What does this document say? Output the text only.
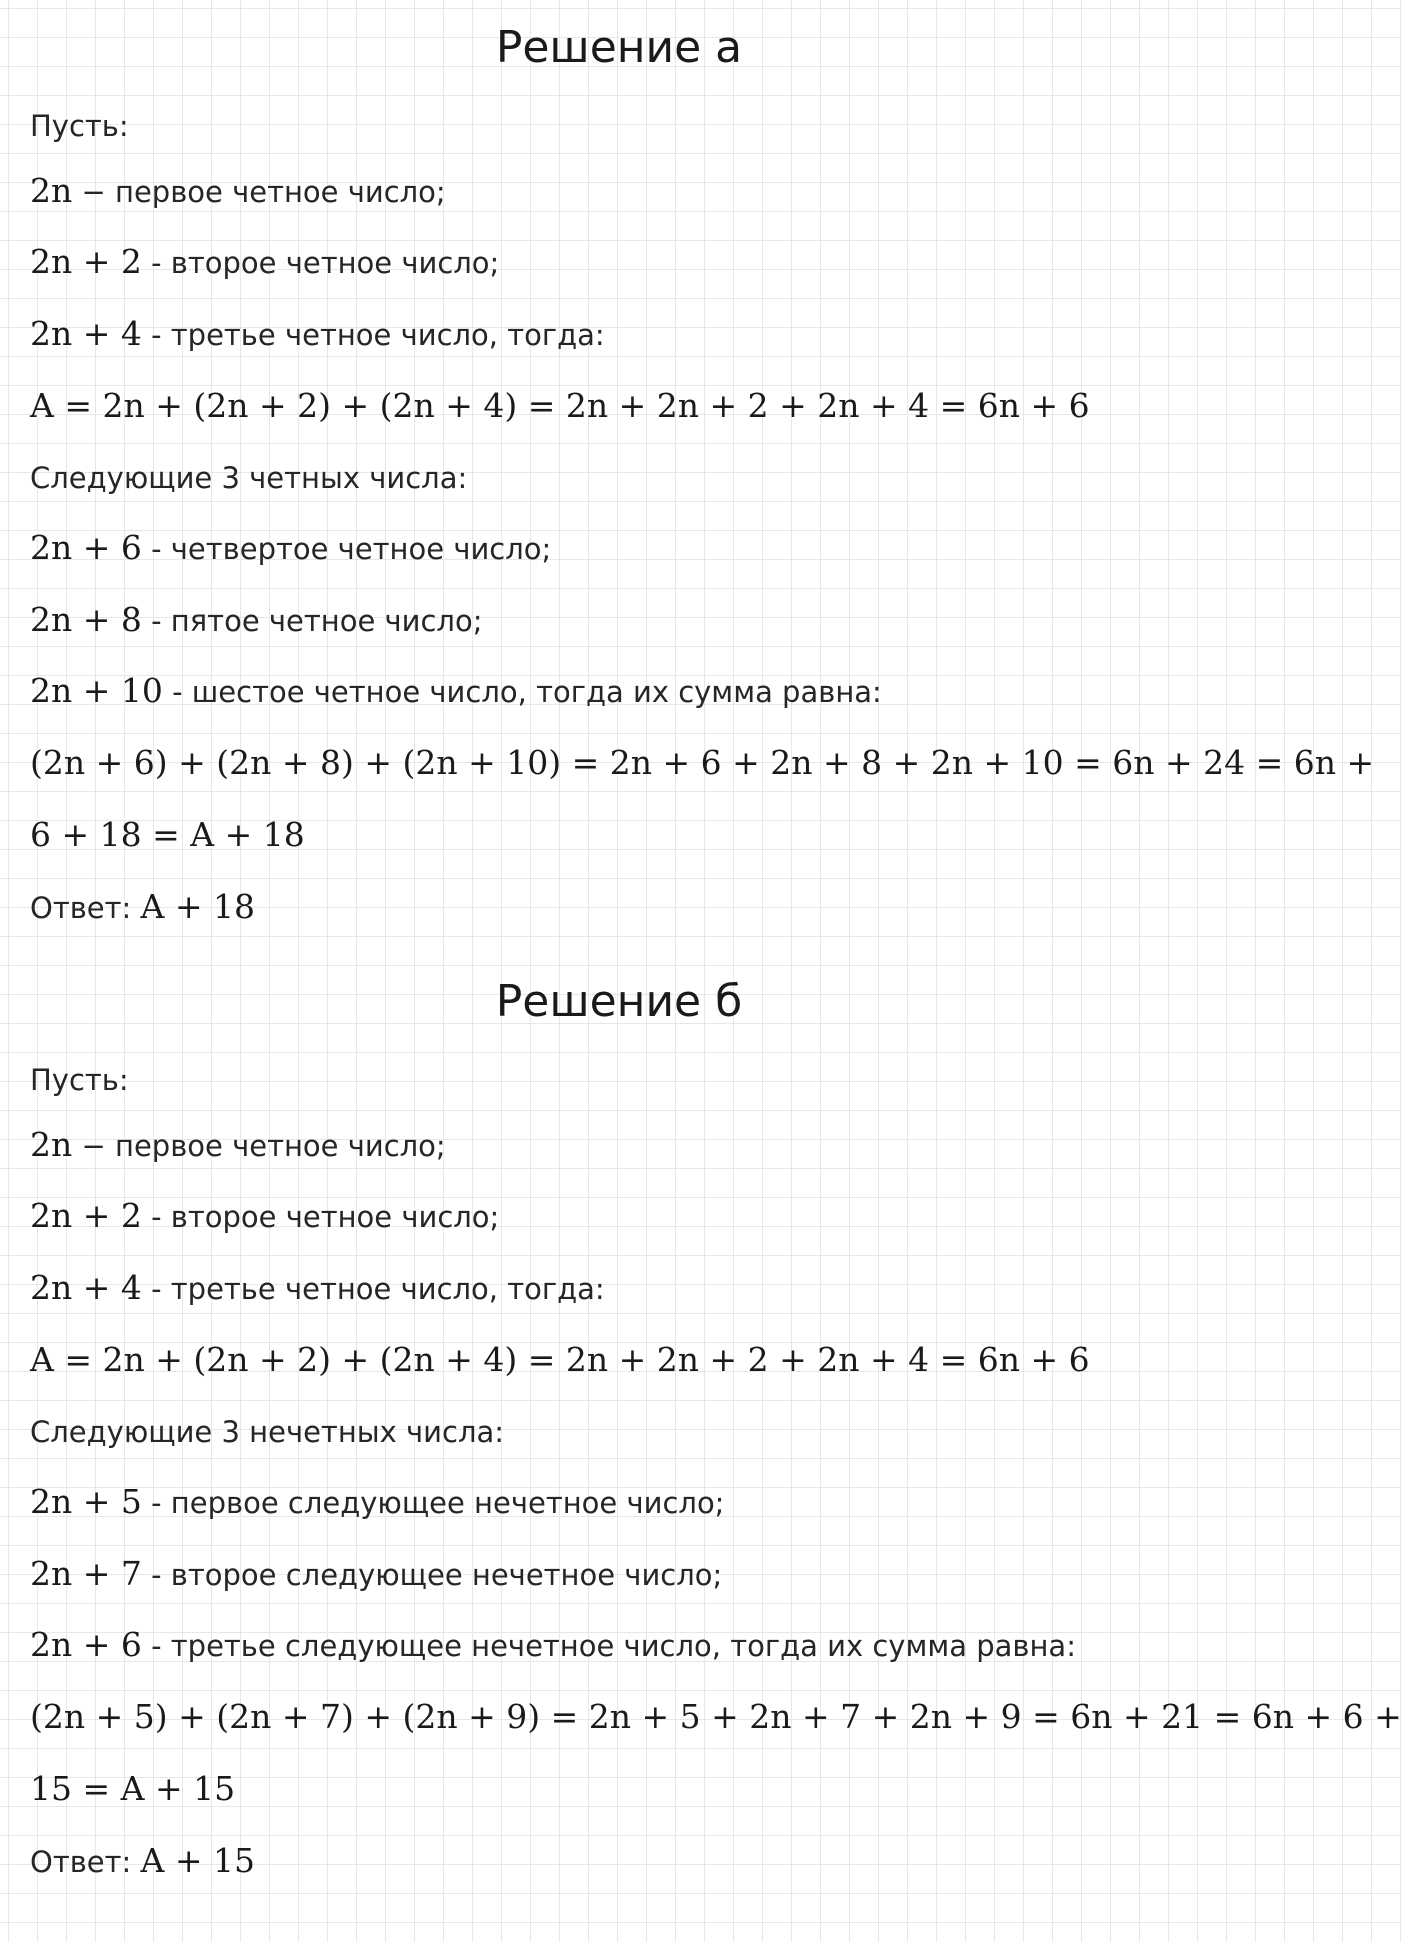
Решение а
Пусть:
2n − первое четное число;
2n + 2 - второе четное число;
2n + 4 - третье четное число, тогда:
A = 2n + (2n + 2) + (2n + 4) = 2n + 2n + 2 + 2n + 4 = 6n + 6
Следующие 3 четных числа:
2n + 6 - четвертое четное число;
2n + 8 - пятое четное число;
2n + 10 - шестое четное число, тогда их сумма равна:
(2n + 6) + (2n + 8) + (2n + 10) = 2n + 6 + 2n + 8 + 2n + 10 = 6n + 24 = 6n +
6 + 18 = A + 18
Ответ: A + 18
Решение б
Пусть:
2n − первое четное число;
2n + 2 - второе четное число;
2n + 4 - третье четное число, тогда:
A = 2n + (2n + 2) + (2n + 4) = 2n + 2n + 2 + 2n + 4 = 6n + 6
Следующие 3 нечетных числа:
2n + 5 - первое следующее нечетное число;
2n + 7 - второе следующее нечетное число;
2n + 6 - третье следующее нечетное число, тогда их сумма равна:
(2n + 5) + (2n + 7) + (2n + 9) = 2n + 5 + 2n + 7 + 2n + 9 = 6n + 21 = 6n + 6 +
15 = A + 15
Ответ: A + 15
